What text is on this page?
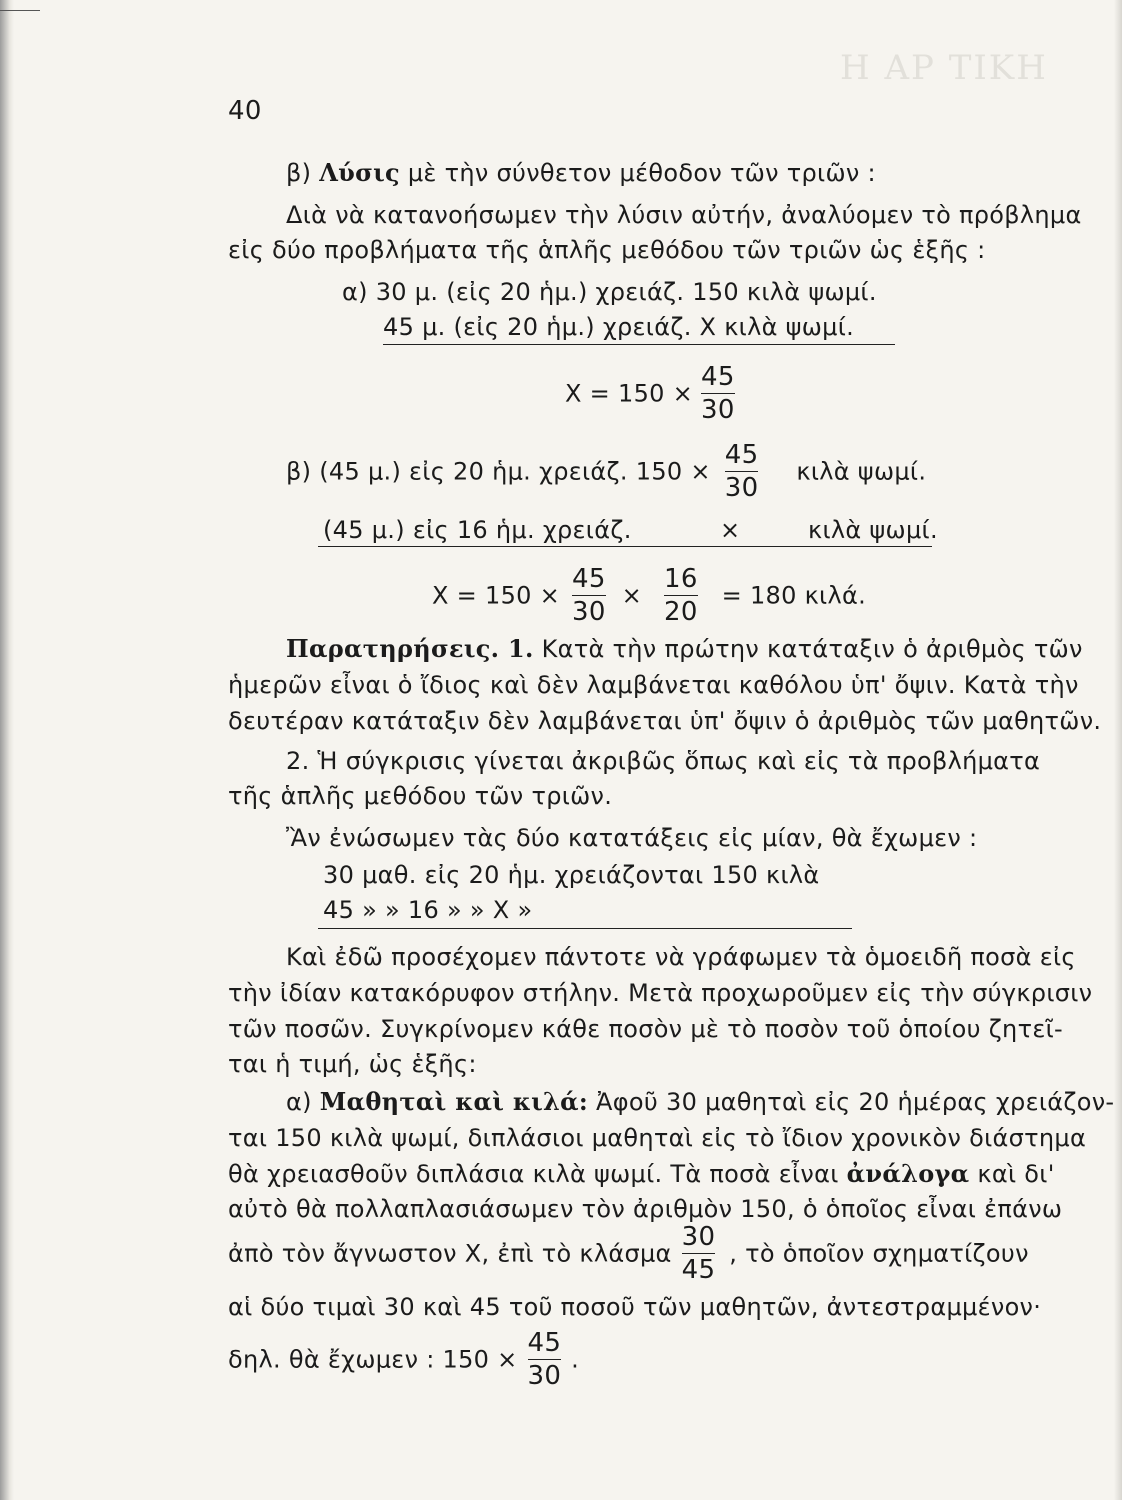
Η ΑΡ ΤΙΚΗ
40
β) Λύσις μὲ τὴν σύνθετον μέθοδον τῶν τριῶν :
Διὰ νὰ κατανοήσωμεν τὴν λύσιν αὐτήν, ἀναλύομεν τὸ πρόβλημα
εἰς δύο προβλήματα τῆς ἁπλῆς μεθόδου τῶν τριῶν ὡς ἑξῆς :
α) 30 μ. (εἰς 20 ἡμ.) χρειάζ. 150 κιλὰ ψωμί.
45 μ. (εἰς 20 ἡμ.) χρειάζ. Χ κιλὰ ψωμί.
$X = 150 \times \frac{45}{30}$
β) (45 μ.) εἰς 20 ἡμ. χρειάζ. $150 \times \frac{45}{30}$ κιλὰ ψωμί.
(45 μ.) εἰς 16 ἡμ. χρειάζ.	×	κιλὰ ψωμί.
$X = 150 \times \frac{45}{30} \times \frac{16}{20} = 180$ κιλά.
Παρατηρήσεις. 1. Κατὰ τὴν πρώτην κατάταξιν ὁ ἀριθμὸς τῶν
ἡμερῶν εἶναι ὁ ἴδιος καὶ δὲν λαμβάνεται καθόλου ὑπ' ὄψιν. Κατὰ τὴν
δευτέραν κατάταξιν δὲν λαμβάνεται ὑπ' ὄψιν ὁ ἀριθμὸς τῶν μαθητῶν.
2. Ἡ σύγκρισις γίνεται ἀκριβῶς ὅπως καὶ εἰς τὰ προβλήματα
τῆς ἁπλῆς μεθόδου τῶν τριῶν.
Ἂν ἐνώσωμεν τὰς δύο κατατάξεις εἰς μίαν, θὰ ἔχωμεν :
30 μαθ. εἰς 20 ἡμ. χρειάζονται 150 κιλὰ
45 » » 16 » » Χ »
Καὶ ἐδῶ προσέχομεν πάντοτε νὰ γράφωμεν τὰ ὁμοειδῆ ποσὰ εἰς
τὴν ἰδίαν κατακόρυφον στήλην. Μετὰ προχωροῦμεν εἰς τὴν σύγκρισιν
τῶν ποσῶν. Συγκρίνομεν κάθε ποσὸν μὲ τὸ ποσὸν τοῦ ὁποίου ζητεῖ-
ται ἡ τιμή, ὡς ἑξῆς:
α) Μαθηταὶ καὶ κιλά: Ἀφοῦ 30 μαθηταὶ εἰς 20 ἡμέρας χρειάζον-
ται 150 κιλὰ ψωμί, διπλάσιοι μαθηταὶ εἰς τὸ ἴδιον χρονικὸν διάστημα
θὰ χρειασθοῦν διπλάσια κιλὰ ψωμί. Τὰ ποσὰ εἶναι ἀνάλογα καὶ δι'
αὐτὸ θὰ πολλαπλασιάσωμεν τὸν ἀριθμὸν 150, ὁ ὁποῖος εἶναι ἐπάνω
ἀπὸ τὸν ἄγνωστον Χ, ἐπὶ τὸ κλάσμα $\frac{30}{45}$ , τὸ ὁποῖον σχηματίζουν
αἱ δύο τιμαὶ 30 καὶ 45 τοῦ ποσοῦ τῶν μαθητῶν, ἀντεστραμμένον·
δηλ. θὰ ἔχωμεν : $150 \times \frac{45}{30}$ .
